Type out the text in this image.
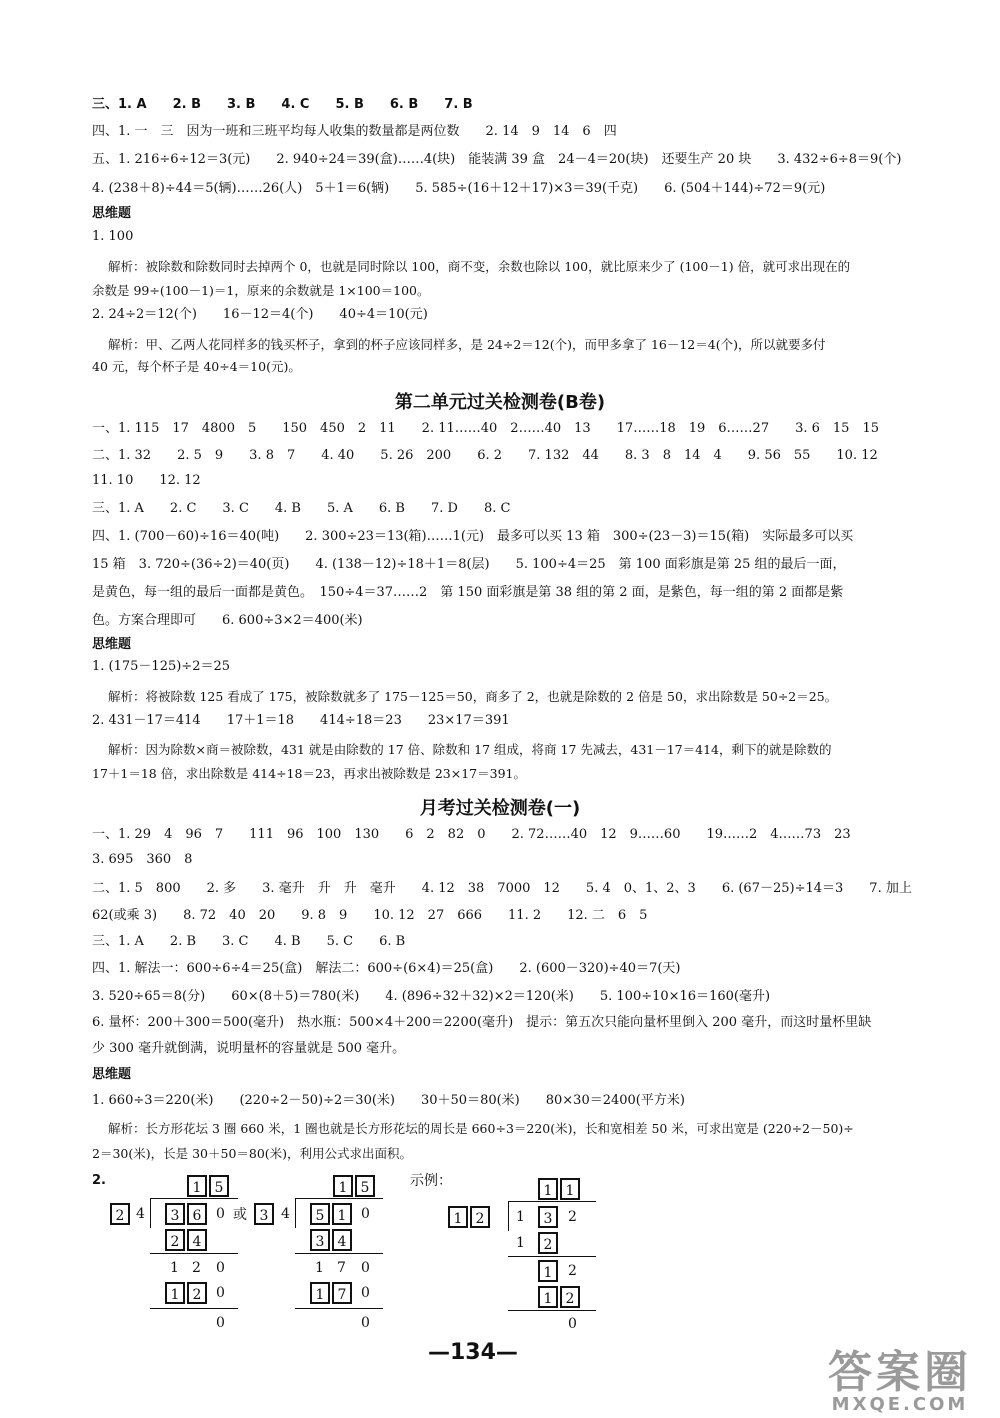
三、1. A　　2. B　　3. B　　4. C　　5. B　　6. B　　7. B
四、1. 一　三　因为一班和三班平均每人收集的数量都是两位数　　2. 14　9　14　6　四
五、1. 216÷6÷12＝3(元)　　2. 940÷24＝39(盒)……4(块)　能装满 39 盒　24－4＝20(块)　还要生产 20 块　　3. 432÷6÷8＝9(个)
4. (238＋8)÷44＝5(辆)……26(人)　5＋1＝6(辆)　　5. 585÷(16＋12＋17)×3＝39(千克)　　6. (504＋144)÷72＝9(元)
思维题
1. 100
解析：被除数和除数同时去掉两个 0，也就是同时除以 100，商不变，余数也除以 100，就比原来少了 (100－1) 倍，就可求出现在的
余数是 99÷(100－1)＝1，原来的余数就是 1×100＝100。
2. 24÷2＝12(个)　　16－12＝4(个)　　40÷4＝10(元)
解析：甲、乙两人花同样多的钱买杯子，拿到的杯子应该同样多，是 24÷2＝12(个)，而甲多拿了 16－12＝4(个)，所以就要多付
40 元，每个杯子是 40÷4＝10(元)。
第二单元过关检测卷(B卷)
一、1. 115　17　4800　5　　150　450　2　11　　2. 11……40　2……40　13　　17……18　19　6……27　　3. 6　15　15
二、1. 32　　2. 5　9　　3. 8　7　　4. 40　　5. 26　200　　6. 2　　7. 132　44　　8. 3　8　14　4　　9. 56　55　　10. 12
11. 10　　12. 12
三、1. A　　2. C　　3. C　　4. B　　5. A　　6. B　　7. D　　8. C
四、1. (700－60)÷16＝40(吨)　　2. 300÷23＝13(箱)……1(元)　最多可以买 13 箱　300÷(23－3)＝15(箱)　实际最多可以买
15 箱　3. 720÷(36÷2)＝40(页)　　4. (138－12)÷18＋1＝8(层)　　5. 100÷4＝25　第 100 面彩旗是第 25 组的最后一面，
是黄色，每一组的最后一面都是黄色。　150÷4＝37……2　第 150 面彩旗是第 38 组的第 2 面，是紫色，每一组的第 2 面都是紫
色。方案合理即可　　6. 600÷3×2＝400(米)
思维题
1. (175－125)÷2＝25
解析：将被除数 125 看成了 175，被除数就多了 175－125＝50，商多了 2，也就是除数的 2 倍是 50，求出除数是 50÷2＝25。
2. 431－17＝414　　17＋1＝18　　414÷18＝23　　23×17＝391
解析：因为除数×商＝被除数，431 就是由除数的 17 倍、除数和 17 组成，将商 17 先减去，431－17＝414，剩下的就是除数的
17＋1＝18 倍，求出除数是 414÷18＝23，再求出被除数是 23×17＝391。
月考过关检测卷(一)
一、1. 29　4　96　7　　111　96　100　130　　6　2　82　0　　2. 72……40　12　9……60　　19……2　4……73　23
3. 695　360　8
二、1. 5　800　　2. 多　　3. 毫升　升　升　毫升　　4. 12　38　7000　12　　5. 4　0、1、2、3　　6. (67－25)÷14＝3　　7. 加上
62(或乘 3)　　8. 72　40　20　　9. 8　9　　10. 12　27　666　　11. 2　　12. 二　6　5
三、1. A　　2. B　　3. C　　4. B　　5. C　　6. B
四、1. 解法一：600÷6÷4＝25(盒)　解法二：600÷(6×4)＝25(盒)　　2. (600－320)÷40＝7(天)
3. 520÷65＝8(分)　　60×(8＋5)＝780(米)　　4. (896÷32＋32)×2＝120(米)　　5. 100÷10×16＝160(毫升)
6. 量杯：200＋300＝500(毫升)　热水瓶：500×4＋200＝2200(毫升)　提示：第五次只能向量杯里倒入 200 毫升，而这时量杯里缺
少 300 毫升就倒满，说明量杯的容量就是 500 毫升。
思维题
1. 660÷3＝220(米)　　(220÷2－50)÷2＝30(米)　　30＋50＝80(米)　　80×30＝2400(平方米)
解析：长方形花坛 3 圈 660 米，1 圈也就是长方形花坛的周长是 660÷3＝220(米)，长和宽相差 50 米，可求出宽是 (220÷2－50)÷
2＝30(米)，长是 30＋50＝80(米)，利用公式求出面积。
2.	1 5
2 4	3 6	0
2 4
1 2 0
1 2	0
0
或
1 5
3 4	5 1	0
3 4
1 7 0
1 7	0
0
示例：
1 1
1 2	1	3	2
1	2
1	2
1 2
0
—134—	答案圈
MXQE.COM
